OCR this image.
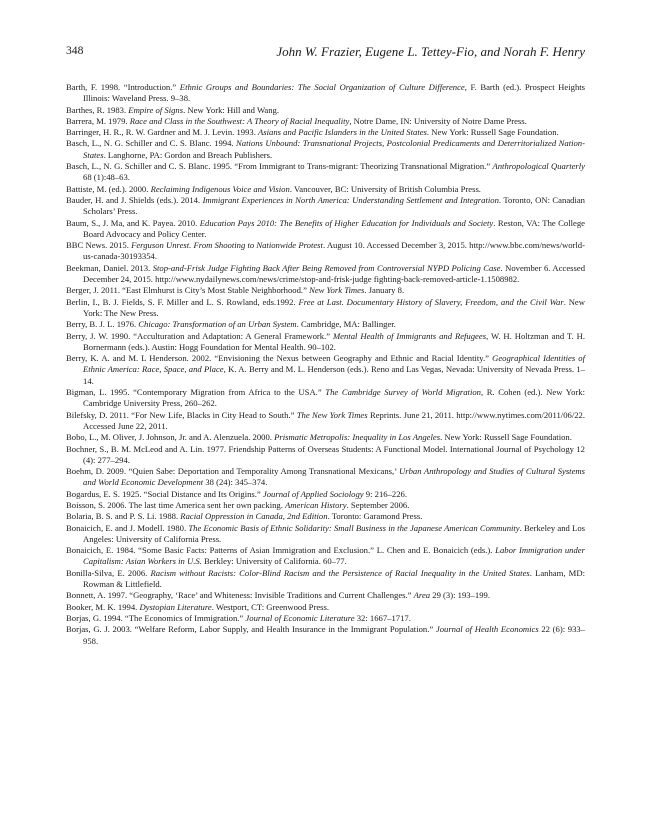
348	John W. Frazier, Eugene L. Tettey-Fio, and Norah F. Henry

Barth, F. 1998. “Introduction.” Ethnic Groups and Boundaries: The Social Organization of Culture Difference, F. Barth (ed.). Prospect Heights Illinois: Waveland Press. 9–38.

Barthes, R. 1983. Empire of Signs. New York: Hill and Wang.

Barrera, M. 1979. Race and Class in the Southwest: A Theory of Racial Inequality, Notre Dame, IN: University of Notre Dame Press.

Barringer, H. R., R. W. Gardner and M. J. Levin. 1993. Asians and Pacific Islanders in the United States. New York: Russell Sage Foundation.

Basch, L., N. G. Schiller and C. S. Blanc. 1994. Nations Unbound: Transnational Projects, Postcolonial Predicaments and Deterritorialized Nation-States. Langhorne, PA: Gordon and Breach Publishers.

Basch, L., N. G. Schiller and C. S. Blanc. 1995. “From Immigrant to Trans-migrant: Theorizing Transnational Migration.” Anthropological Quarterly 68 (1):48–63.

Battiste, M. (ed.). 2000. Reclaiming Indigenous Voice and Vision. Vancouver, BC: University of British Columbia Press.

Bauder, H. and J. Shields (eds.). 2014. Immigrant Experiences in North America: Understanding Settlement and Integration. Toronto, ON: Canadian Scholars’ Press.

Baum, S., J. Ma, and K. Payea. 2010. Education Pays 2010: The Benefits of Higher Education for Individuals and Society. Reston, VA: The College Board Advocacy and Policy Center.

BBC News. 2015. Ferguson Unrest. From Shooting to Nationwide Protest. August 10. Accessed December 3, 2015. http://www.bbc.com/news/world-us-canada-30193354.

Beekman, Daniel. 2013. Stop-and-Frisk Judge Fighting Back After Being Removed from Controversial NYPD Policing Case. November 6. Accessed December 24, 2015. http://www.nydailynews.com/news/crime/stop-and-frisk-judge fighting-back-removed-article-1.1508982.

Berger, J. 2011. “East Elmhurst is City’s Most Stable Neighborhood.” New York Times. January 8.

Berlin, I., B. J. Fields, S. F. Miller and L. S. Rowland, eds.1992. Free at Last. Documentary History of Slavery, Freedom, and the Civil War. New York: The New Press.

Berry, B. J. L. 1976. Chicago: Transformation of an Urban System. Cambridge, MA: Ballinger.

Berry, J. W. 1990. “Acculturation and Adaptation: A General Framework.” Mental Health of Immigrants and Refugees, W. H. Holtzman and T. H. Bornermann (eds.). Austin: Hogg Foundation for Mental Health. 90–102.

Berry, K. A. and M. L Henderson. 2002. “Envisioning the Nexus between Geography and Ethnic and Racial Identity.” Geographical Identities of Ethnic America: Race, Space, and Place, K. A. Berry and M. L. Henderson (eds.). Reno and Las Vegas, Nevada: University of Nevada Press. 1–14.

Bigman, L. 1995. “Contemporary Migration from Africa to the USA.” The Cambridge Survey of World Migration, R. Cohen (ed.). New York: Cambridge University Press, 260–262.

Bilefsky, D. 2011. “For New Life, Blacks in City Head to South.” The New York Times Reprints. June 21, 2011. http://www.nytimes.com/2011/06/22. Accessed June 22, 2011.

Bobo, L., M. Oliver, J. Johnson, Jr. and A. Alenzuela. 2000. Prismatic Metropolis: Inequality in Los Angeles. New York: Russell Sage Foundation.

Bochner, S., B. M. McLeod and A. Lin. 1977. Friendship Patterns of Overseas Students: A Functional Model. International Journal of Psychology 12 (4): 277–294.

Boehm, D. 2009. “Quien Sabe: Deportation and Temporality Among Transnational Mexicans,’ Urban Anthropology and Studies of Cultural Systems and World Economic Development 38 (24): 345–374.

Bogardus, E. S. 1925. “Social Distance and Its Origins.” Journal of Applied Sociology 9: 216–226.

Boisson, S. 2006. The last time America sent her own packing. American History. September 2006.

Bolaria, B. S. and P. S. Li. 1988. Racial Oppression in Canada, 2nd Edition. Toronto: Garamond Press.

Bonaicich, E. and J. Modell. 1980. The Economic Basis of Ethnic Solidarity: Small Business in the Japanese American Community. Berkeley and Los Angeles: University of California Press.

Bonaicich, E. 1984. “Some Basic Facts: Patterns of Asian Immigration and Exclusion.” L. Chen and E. Bonaicich (eds.). Labor Immigration under Capitalism: Asian Workers in U.S. Berkley: University of California. 60–77.

Bonilla-Silva, E. 2006. Racism without Racists: Color-Blind Racism and the Persistence of Racial Inequality in the United States. Lanham, MD: Rowman & Littlefield.

Bonnett, A. 1997. “Geography, ‘Race’ and Whiteness: Invisible Traditions and Current Challenges.” Area 29 (3): 193–199.

Booker, M. K. 1994. Dystopian Literature. Westport, CT: Greenwood Press.

Borjas, G. 1994. “The Economics of Immigration.” Journal of Economic Literature 32: 1667–1717.

Borjas, G. J. 2003. “Welfare Reform, Labor Supply, and Health Insurance in the Immigrant Population.” Journal of Health Economics 22 (6): 933–958.
